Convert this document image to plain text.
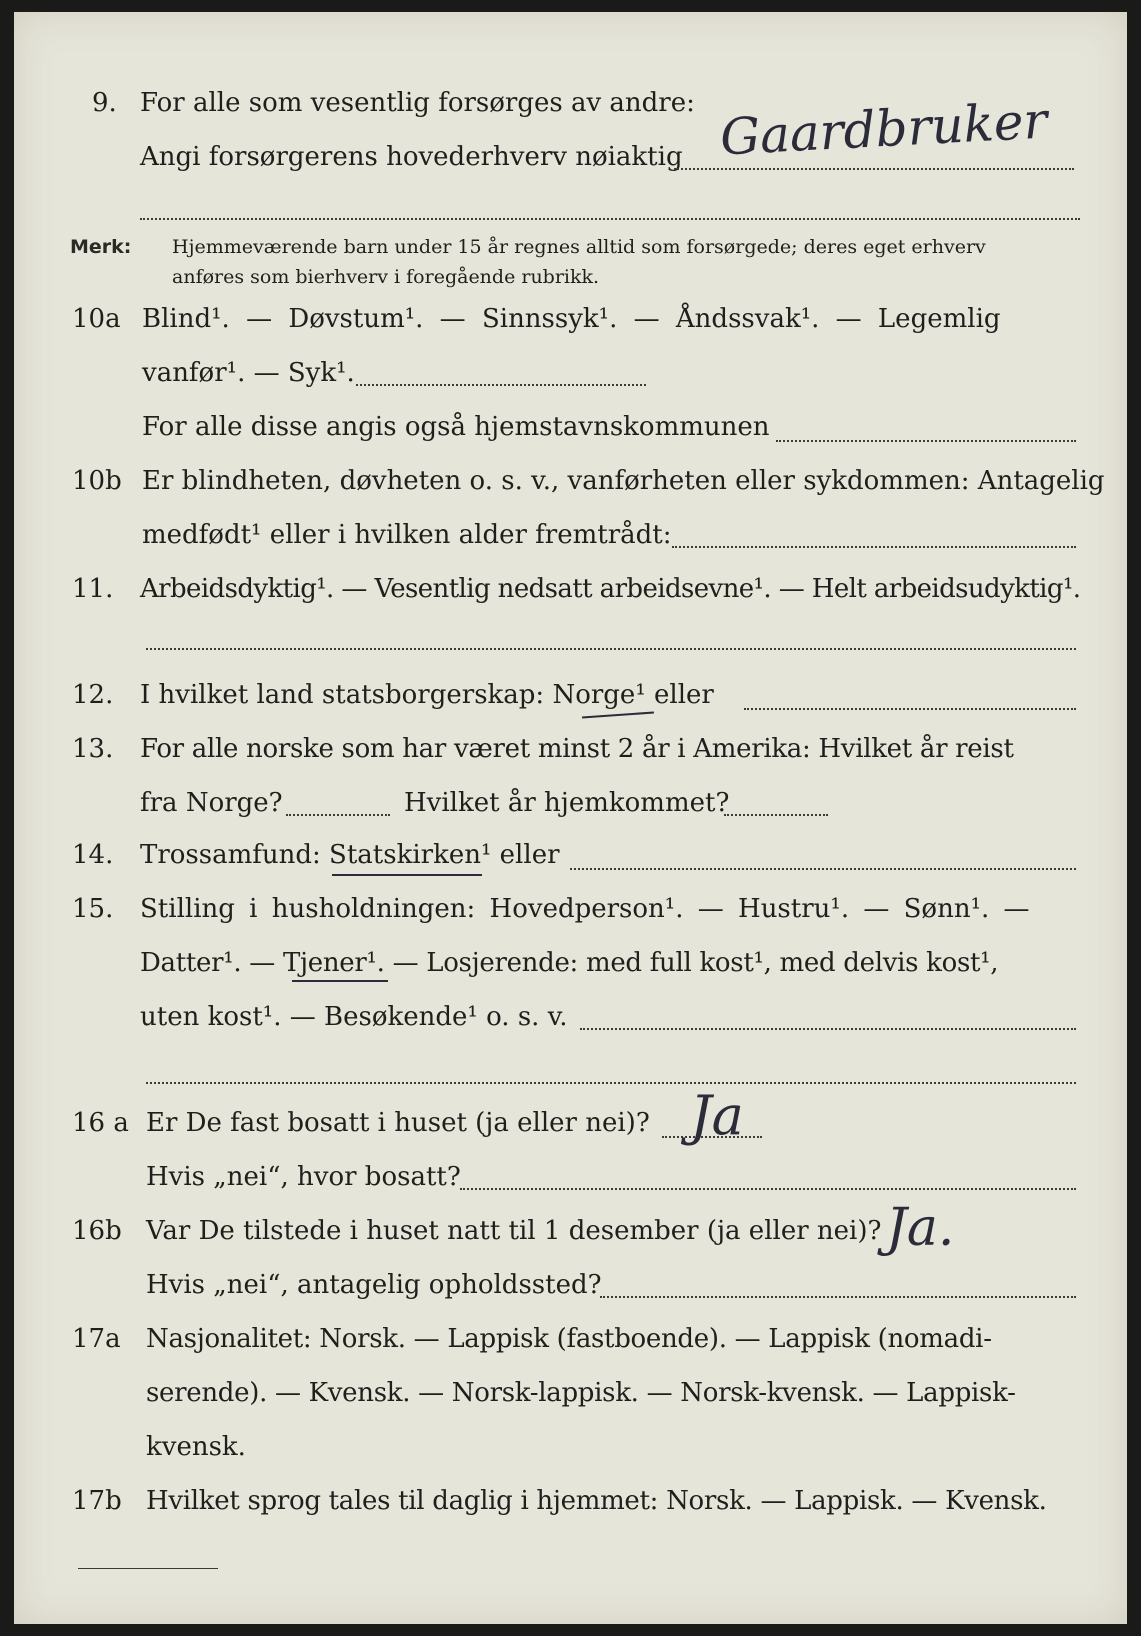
9. For alle som vesentlig forsørges av andre:
Angi forsørgerens hovederhverv nøiaktig Gaardbruker
Merk: Hjemmeværende barn under 15 år regnes alltid som forsørgede; deres eget erhverv
anføres som bierhverv i foregående rubrikk.
10a Blind¹. — Døvstum¹. — Sinnssyk¹. — Åndssvak¹. — Legemlig
vanfør¹. — Syk¹.
For alle disse angis også hjemstavnskommunen
10b Er blindheten, døvheten o. s. v., vanførheten eller sykdommen: Antagelig
medfødt¹ eller i hvilken alder fremtrådt:
11. Arbeidsdyktig¹. — Vesentlig nedsatt arbeidsevne¹. — Helt arbeidsudyktig¹.
12. I hvilket land statsborgerskap: Norge¹ eller
13. For alle norske som har været minst 2 år i Amerika: Hvilket år reist
fra Norge?	Hvilket år hjemkommet?
14. Trossamfund: Statskirken¹ eller
15. Stilling i husholdningen: Hovedperson¹. — Hustru¹. — Sønn¹. —
Datter¹. — Tjener¹. — Losjerende: med full kost¹, med delvis kost¹,
uten kost¹. — Besøkende¹ o. s. v.
16 a Er De fast bosatt i huset (ja eller nei)? Ja
Hvis „nei“, hvor bosatt?
16b Var De tilstede i huset natt til 1 desember (ja eller nei)? Ja.
Hvis „nei“, antagelig opholdssted?
17a Nasjonalitet: Norsk. — Lappisk (fastboende). — Lappisk (nomadi-
serende). — Kvensk. — Norsk-lappisk. — Norsk-kvensk. — Lappisk-
kvensk.
17b Hvilket sprog tales til daglig i hjemmet: Norsk. — Lappisk. — Kvensk.
